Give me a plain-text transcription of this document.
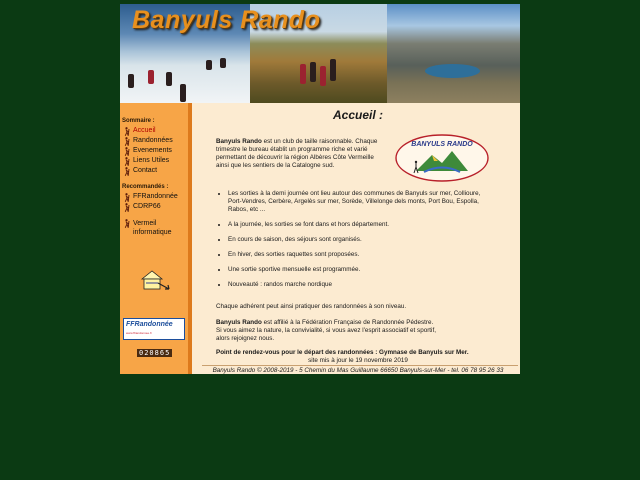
Banyuls Rando
Sommaire :
Accueil
Randonnées
Evenements
Liens Utiles
Contact
Recommandés :
FFRandonnée
CDRP66
Vermeil informatique
FFRandonnée
www.ffrandonnee.fr
020865
Accueil :
Banyuls Rando est un club de taille raisonnable. Chaque trimestre le bureau établit un programme riche et varié permettant de découvrir la région Albères Côte Vermeille ainsi que les sentiers de la Catalogne sud.
BANYULS RANDO
• Les sorties à la demi journée ont lieu autour des communes de Banyuls sur mer, Collioure, Port-Vendres, Cerbère, Argelès sur mer, Sorède, Villelonge dels monts, Port Bou, Espolla, Rabos, etc ...
• A la journée, les sorties se font dans et hors département.
• En cours de saison, des séjours sont organisés.
• En hiver, des sorties raquettes sont proposées.
• Une sortie sportive mensuelle est programmée.
• Nouveauté : randos marche nordique
Chaque adhérent peut ainsi pratiquer des randonnées à son niveau.
Banyuls Rando est affilié à la Fédération Française de Randonnée Pédestre.
Si vous aimez la nature, la convivialité, si vous avez l'esprit associatif et sportif,
alors rejoignez nous.
Point de rendez-vous pour le départ des randonnées : Gymnase de Banyuls sur Mer.
site mis à jour le 19 novembre 2019
Banyuls Rando © 2008-2019 - 5 Chemin du Mas Guillaume 66650 Banyuls-sur-Mer - tel. 06 78 95 26 33
